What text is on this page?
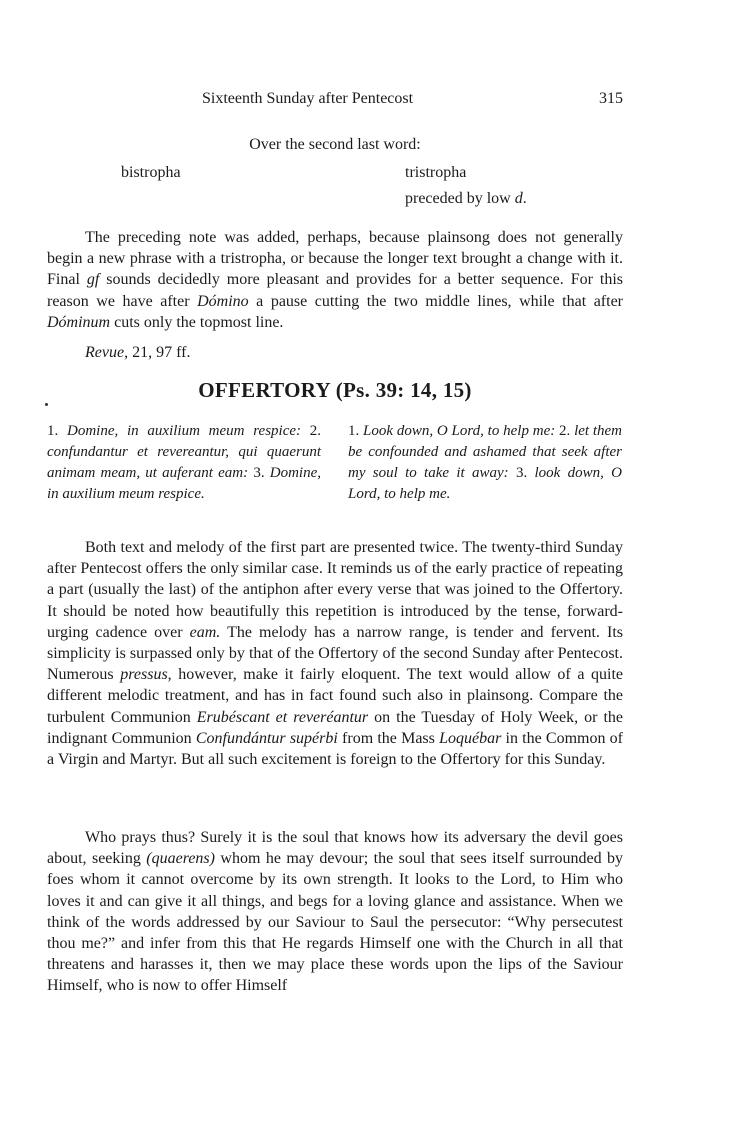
Sixteenth Sunday after Pentecost	315
Over the second last word:
bistropha	tristropha
preceded by low d.

The preceding note was added, perhaps, because plainsong does not generally begin a new phrase with a tristropha, or because the longer text brought a change with it. Final gf sounds decidedly more pleasant and provides for a better sequence. For this reason we have after Dómino a pause cutting the two middle lines, while that after Dóminum cuts only the topmost line.

Revue, 21, 97 ff.
OFFERTORY (Ps. 39: 14, 15)

1. Domine, in auxilium meum respice: 2. confundantur et revereantur, qui quaerunt animam meam, ut auferant eam: 3. Domine, in auxilium meum respice.

1. Look down, O Lord, to help me: 2. let them be confounded and ashamed that seek after my soul to take it away: 3. look down, O Lord, to help me.

Both text and melody of the first part are presented twice. The twenty-third Sunday after Pentecost offers the only similar case. It reminds us of the early practice of repeating a part (usually the last) of the antiphon after every verse that was joined to the Offertory. It should be noted how beautifully this repetition is introduced by the tense, forward-urging cadence over eam. The melody has a narrow range, is tender and fervent. Its simplicity is surpassed only by that of the Offertory of the second Sunday after Pentecost. Numerous pressus, however, make it fairly eloquent. The text would allow of a quite different melodic treatment, and has in fact found such also in plainsong. Compare the turbulent Communion Erubéscant et reveréantur on the Tuesday of Holy Week, or the indignant Communion Confundántur supérbi from the Mass Loquébar in the Common of a Virgin and Martyr. But all such excitement is foreign to the Offertory for this Sunday.

Who prays thus? Surely it is the soul that knows how its adversary the devil goes about, seeking (quaerens) whom he may devour; the soul that sees itself surrounded by foes whom it cannot overcome by its own strength. It looks to the Lord, to Him who loves it and can give it all things, and begs for a loving glance and assistance. When we think of the words addressed by our Saviour to Saul the persecutor: “Why persecutest thou me?” and infer from this that He regards Himself one with the Church in all that threatens and harasses it, then we may place these words upon the lips of the Saviour Himself, who is now to offer Himself
